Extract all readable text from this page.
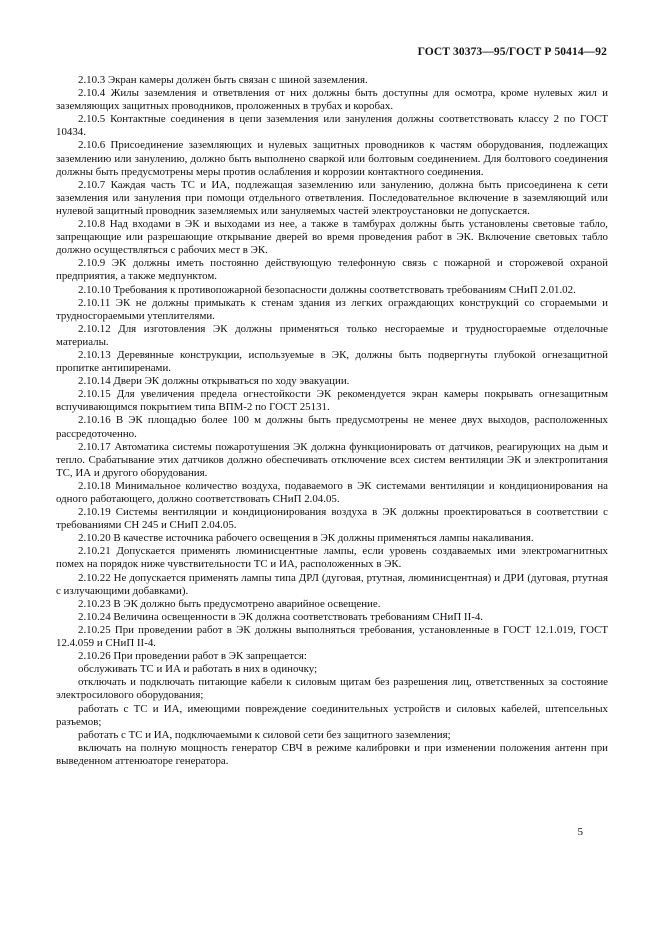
ГОСТ 30373—95/ГОСТ Р 50414—92

2.10.3 Экран камеры должен быть связан с шиной заземления.

2.10.4 Жилы заземления и ответвления от них должны быть доступны для осмотра, кроме нулевых жил и заземляющих защитных проводников, проложенных в трубах и коробах.

2.10.5 Контактные соединения в цепи заземления или зануления должны соответствовать классу 2 по ГОСТ 10434.

2.10.6 Присоединение заземляющих и нулевых защитных проводников к частям оборудования, подлежащих заземлению или занулению, должно быть выполнено сваркой или болтовым соединением. Для болтового соединения должны быть предусмотрены меры против ослабления и коррозии контактного соединения.

2.10.7 Каждая часть ТС и ИА, подлежащая заземлению или занулению, должна быть присоединена к сети заземления или зануления при помощи отдельного ответвления. Последовательное включение в заземляющий или нулевой защитный проводник заземляемых или зануляемых частей электроустановки не допускается.

2.10.8 Над входами в ЭК и выходами из нее, а также в тамбурах должны быть установлены световые табло, запрещающие или разрешающие открывание дверей во время проведения работ в ЭК. Включение световых табло должно осуществляться с рабочих мест в ЭК.

2.10.9 ЭК должны иметь постоянно действующую телефонную связь с пожарной и сторожевой охраной предприятия, а также медпунктом.

2.10.10 Требования к противопожарной безопасности должны соответствовать требованиям СНиП 2.01.02.

2.10.11 ЭК не должны примыкать к стенам здания из легких ограждающих конструкций со сгораемыми и трудносгораемыми утеплителями.

2.10.12 Для изготовления ЭК должны применяться только несгораемые и трудносгораемые отделочные материалы.

2.10.13 Деревянные конструкции, используемые в ЭК, должны быть подвергнуты глубокой огнезащитной пропитке антипиренами.

2.10.14 Двери ЭК должны открываться по ходу эвакуации.

2.10.15 Для увеличения предела огнестойкости ЭК рекомендуется экран камеры покрывать огнезащитным вспучивающимся покрытием типа ВПМ-2 по ГОСТ 25131.

2.10.16 В ЭК площадью более 100 м должны быть предусмотрены не менее двух выходов, расположенных рассредоточенно.

2.10.17 Автоматика системы пожаротушения ЭК должна функционировать от датчиков, реагирующих на дым и тепло. Срабатывание этих датчиков должно обеспечивать отключение всех систем вентиляции ЭК и электропитания ТС, ИА и другого оборудования.

2.10.18 Минимальное количество воздуха, подаваемого в ЭК системами вентиляции и кондиционирования на одного работающего, должно соответствовать СНиП 2.04.05.

2.10.19 Системы вентиляции и кондиционирования воздуха в ЭК должны проектироваться в соответствии с требованиями СН 245 и СНиП 2.04.05.

2.10.20 В качестве источника рабочего освещения в ЭК должны применяться лампы накаливания.

2.10.21 Допускается применять люминисцентные лампы, если уровень создаваемых ими электромагнитных помех на порядок ниже чувствительности ТС и ИА, расположенных в ЭК.

2.10.22 Не допускается применять лампы типа ДРЛ (дуговая, ртутная, люминисцентная) и ДРИ (дуговая, ртутная с излучающими добавками).

2.10.23 В ЭК должно быть предусмотрено аварийное освещение.

2.10.24 Величина освещенности в ЭК должна соответствовать требованиям СНиП II-4.

2.10.25 При проведении работ в ЭК должны выполняться требования, установленные в ГОСТ 12.1.019, ГОСТ 12.4.059 и СНиП II-4.

2.10.26 При проведении работ в ЭК запрещается:

обслуживать ТС и ИА и работать в них в одиночку;

отключать и подключать питающие кабели к силовым щитам без разрешения лиц, ответственных за состояние электросилового оборудования;

работать с ТС и ИА, имеющими повреждение соединительных устройств и силовых кабелей, штепсельных разъемов;

работать с ТС и ИА, подключаемыми к силовой сети без защитного заземления;

включать на полную мощность генератор СВЧ в режиме калибровки и при изменении положения антенн при выведенном аттенюаторе генератора.

5
